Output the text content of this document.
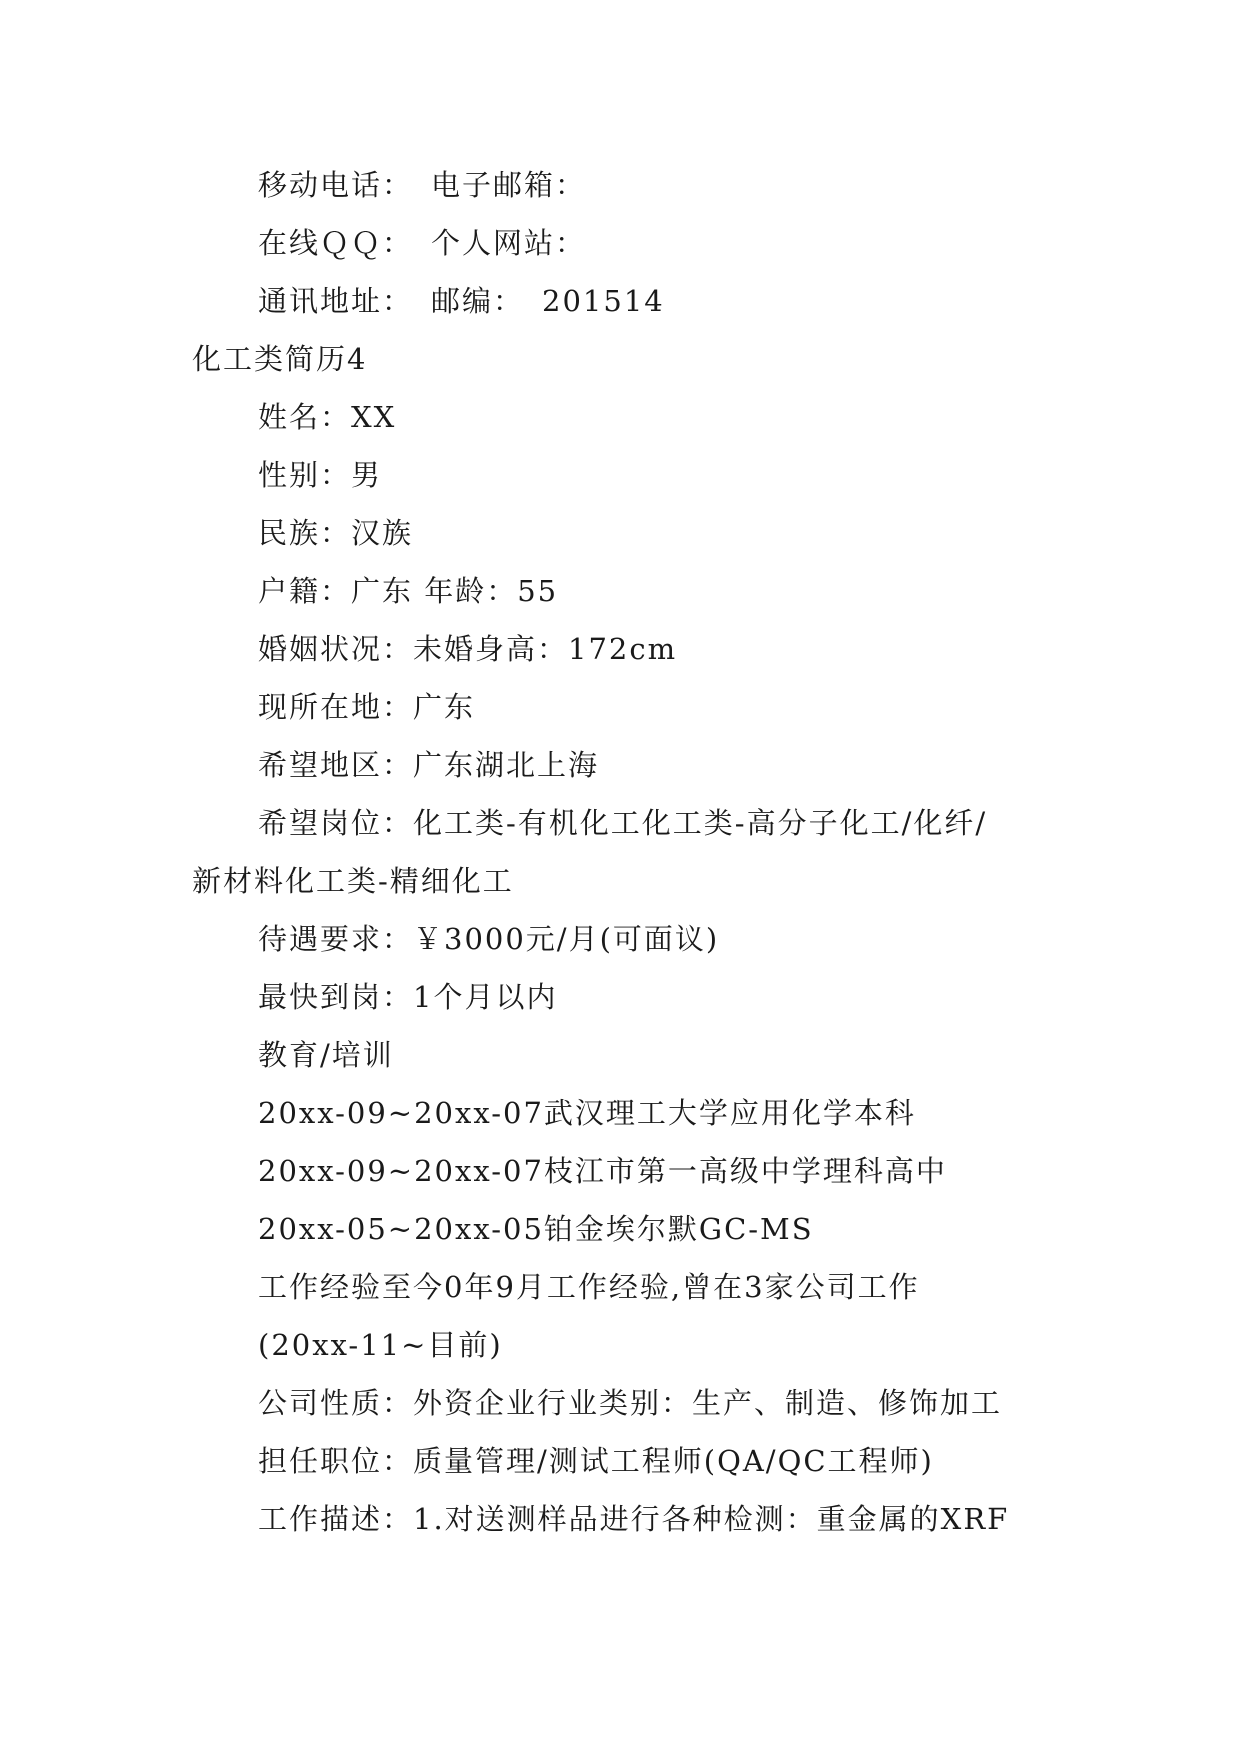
移动电话： 电子邮箱：
在线ＱＱ： 个人网站：
通讯地址： 邮编： 201514
化工类简历4
姓名：XX
性别：男
民族：汉族
户籍：广东 年龄：55
婚姻状况：未婚身高：172cm
现所在地：广东
希望地区：广东湖北上海
希望岗位：化工类-有机化工化工类-高分子化工/化纤/
新材料化工类-精细化工
待遇要求：￥3000元/月(可面议)
最快到岗：1个月以内
教育/培训
20xx-09~20xx-07武汉理工大学应用化学本科
20xx-09~20xx-07枝江市第一高级中学理科高中
20xx-05~20xx-05铂金埃尔默GC-MS
工作经验至今0年9月工作经验,曾在3家公司工作
(20xx-11~目前)
公司性质：外资企业行业类别：生产、制造、修饰加工
担任职位：质量管理/测试工程师(QA/QC工程师)
工作描述：1.对送测样品进行各种检测：重金属的XRF
